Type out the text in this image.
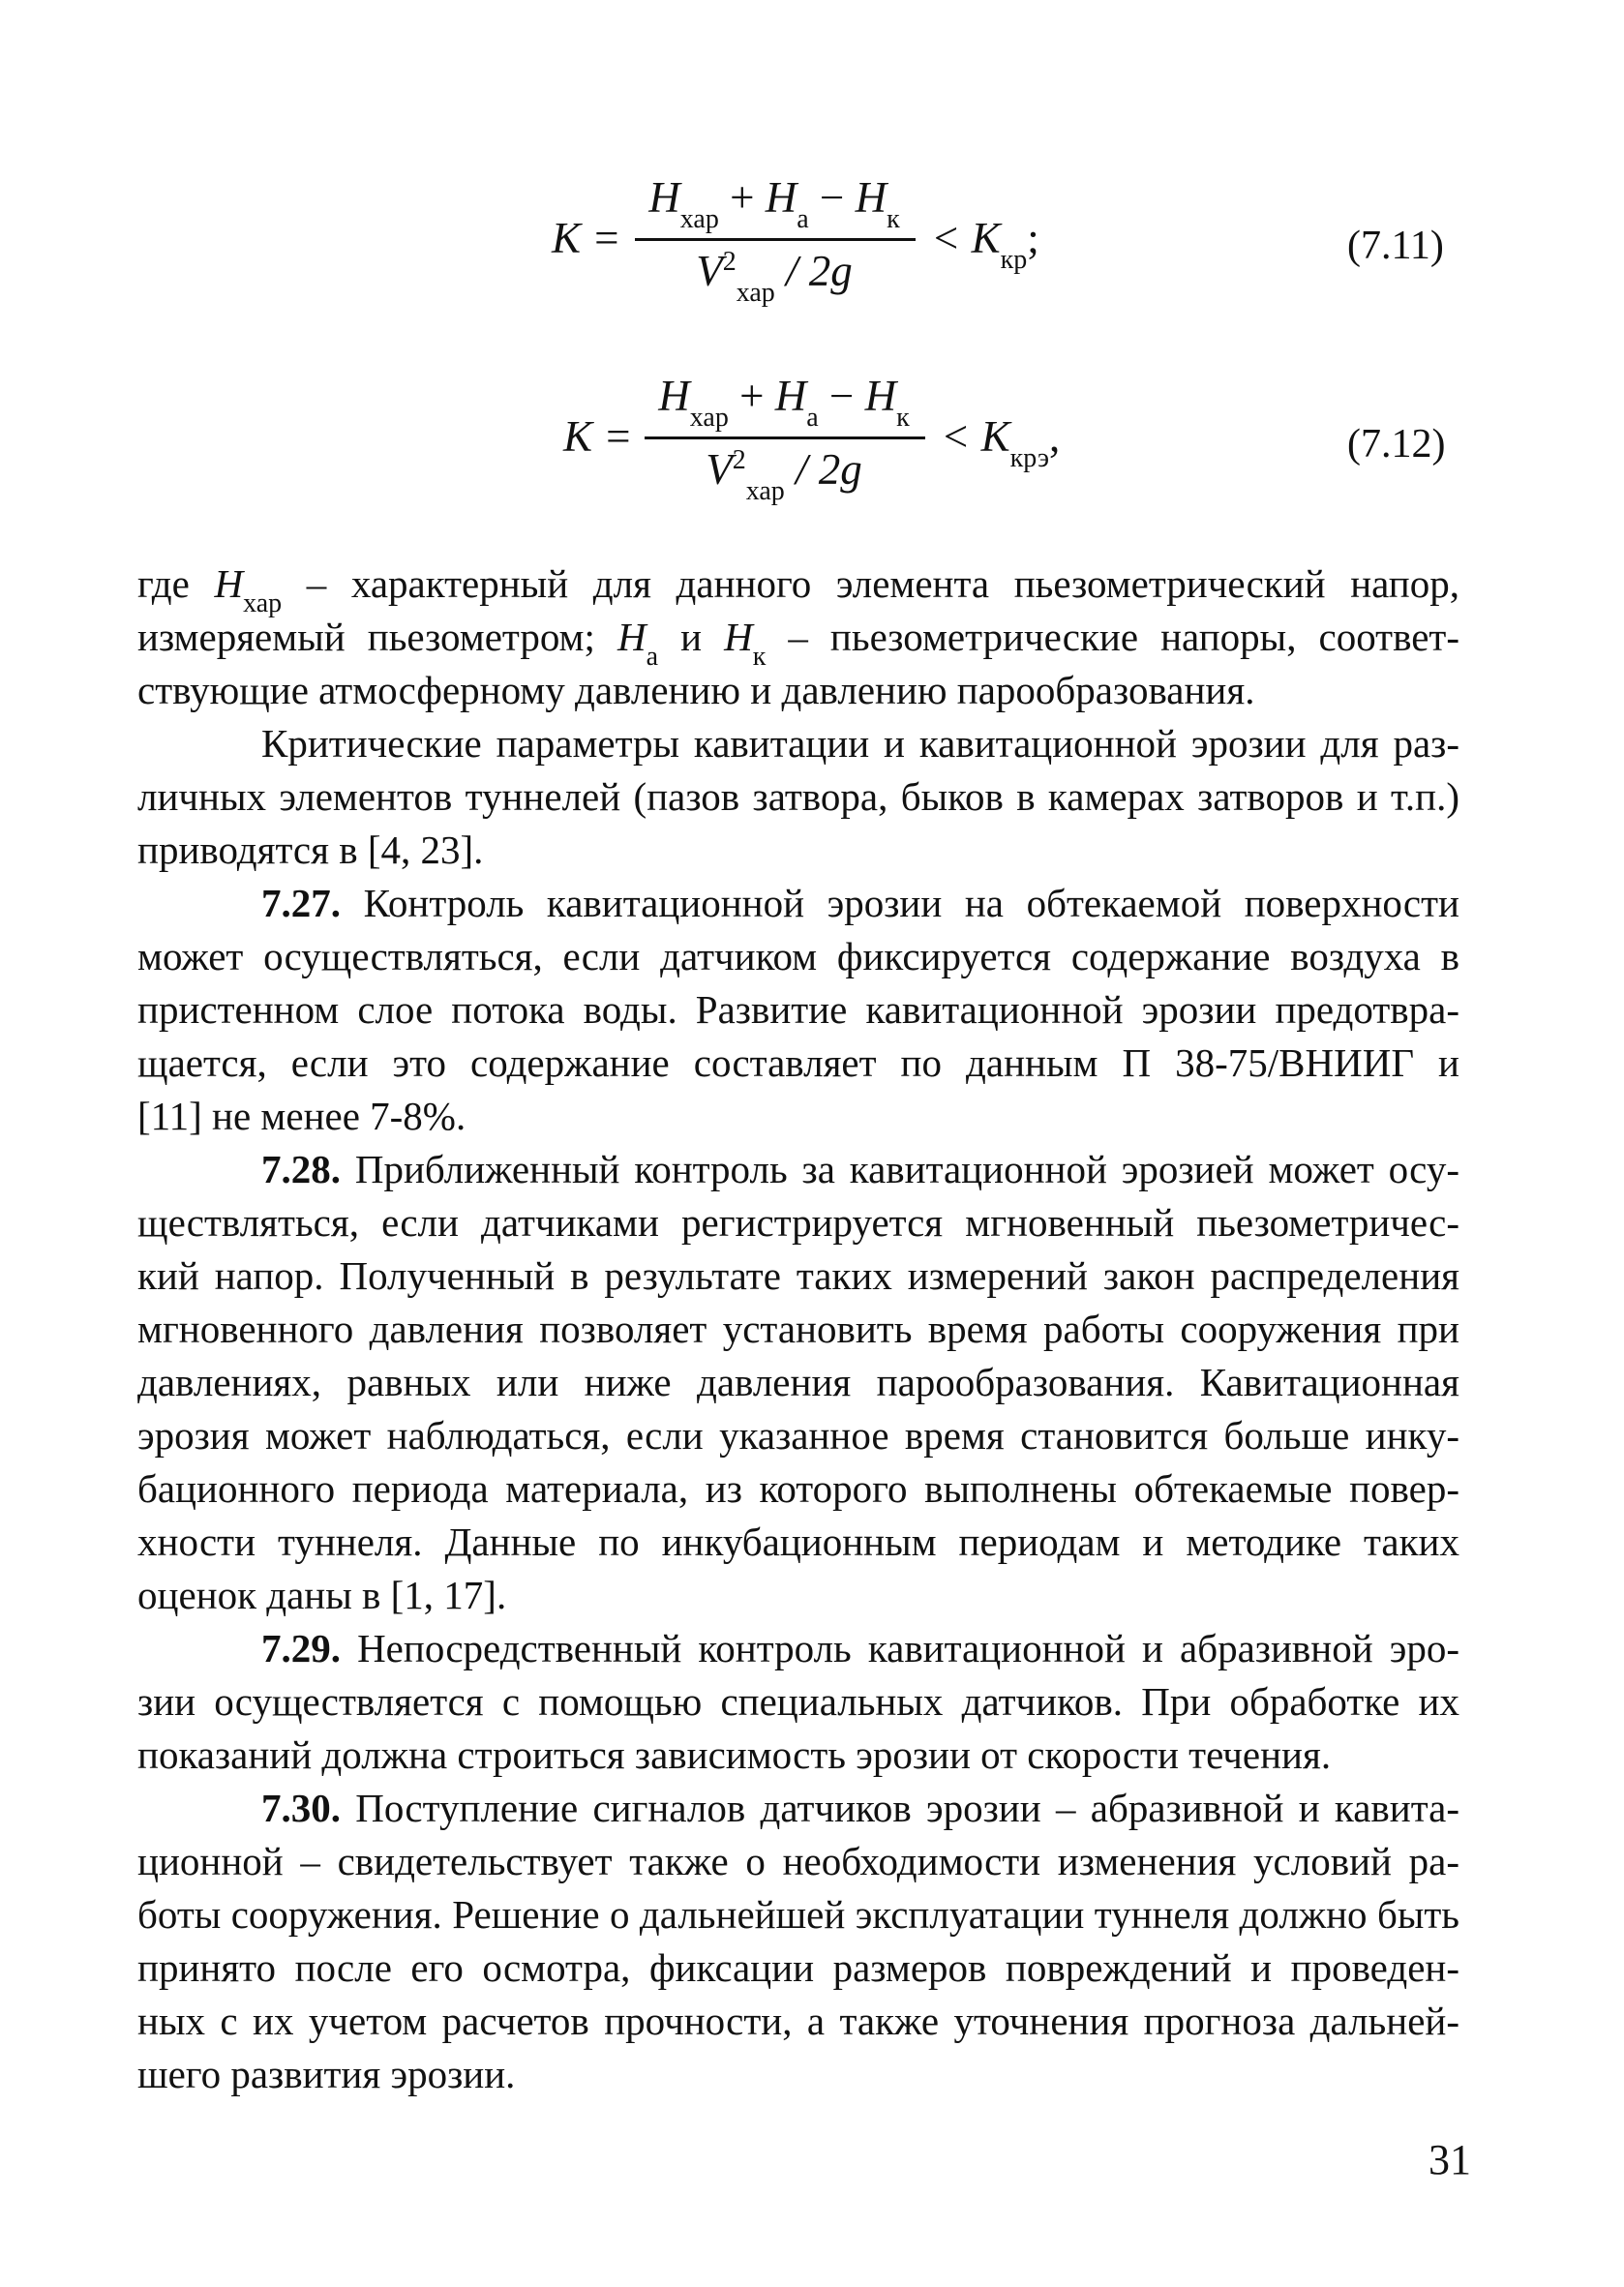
K =
$H_{хар} + H_а - H_к$
$V^2_{хар} / 2g$
< $K_{кр}$;	(7.11)
K =
$H_{хар} + H_а - H_к$
$V^2_{хар} / 2g$
< $K_{крэ}$,	(7.12)
где $H_{хар}$ – характерный для данного элемента пьезометрический напор,
измеряемый пьезометром; $H_а$ и $H_к$ – пьезометрические напоры, соответ-
ствующие атмосферному давлению и давлению парообразования.
Критические параметры кавитации и кавитационной эрозии для раз-
личных элементов туннелей (пазов затвора, быков в камерах затворов и т.п.)
приводятся в [4, 23].
7.27. Контроль кавитационной эрозии на обтекаемой поверхности
может осуществляться, если датчиком фиксируется содержание воздуха в
пристенном слое потока воды. Развитие кавитационной эрозии предотвра-
щается, если это содержание составляет по данным П 38-75/ВНИИГ и
[11] не менее 7-8%.
7.28. Приближенный контроль за кавитационной эрозией может осу-
ществляться, если датчиками регистрируется мгновенный пьезометричес-
кий напор. Полученный в результате таких измерений закон распределения
мгновенного давления позволяет установить время работы сооружения при
давлениях, равных или ниже давления парообразования. Кавитационная
эрозия может наблюдаться, если указанное время становится больше инку-
бационного периода материала, из которого выполнены обтекаемые повер-
хности туннеля. Данные по инкубационным периодам и методике таких
оценок даны в [1, 17].
7.29. Непосредственный контроль кавитационной и абразивной эро-
зии осуществляется с помощью специальных датчиков. При обработке их
показаний должна строиться зависимость эрозии от скорости течения.
7.30. Поступление сигналов датчиков эрозии – абразивной и кавита-
ционной – свидетельствует также о необходимости изменения условий ра-
боты сооружения. Решение о дальнейшей эксплуатации туннеля должно быть
принято после его осмотра, фиксации размеров повреждений и проведен-
ных с их учетом расчетов прочности, а также уточнения прогноза дальней-
шего развития эрозии.
31
